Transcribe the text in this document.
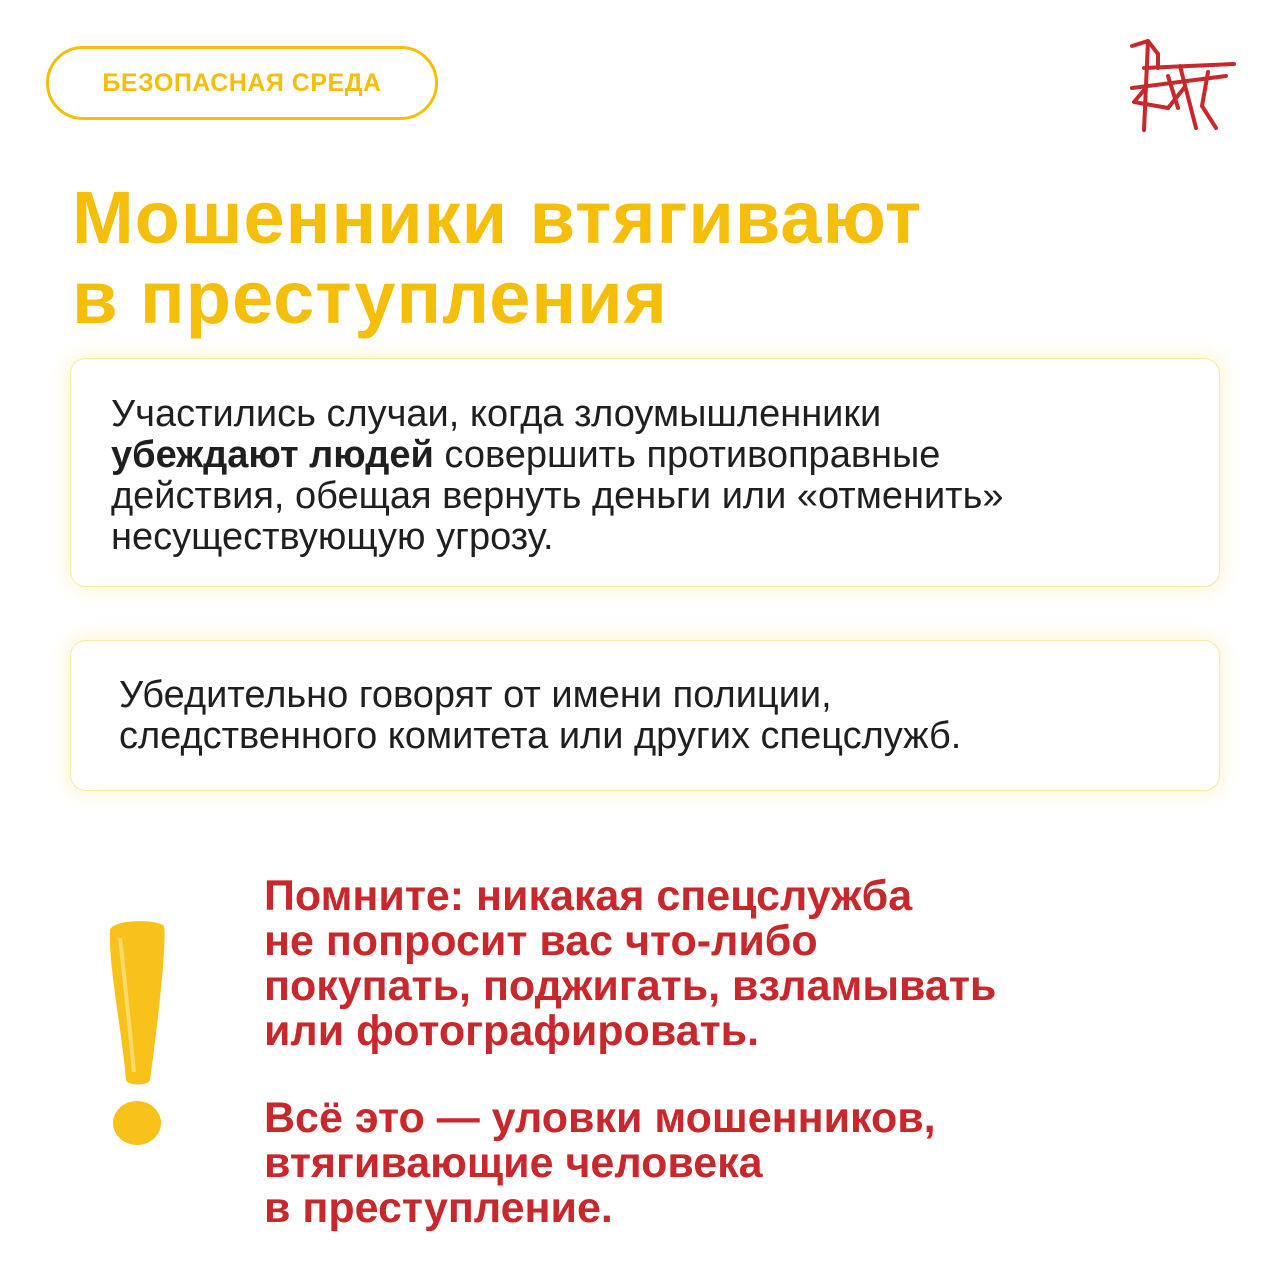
БЕЗОПАСНАЯ СРЕДА
Мошенники втягивают
в преступления
Участились случаи, когда злоумышленники
убеждают людей совершить противоправные
действия, обещая вернуть деньги или «отменить»
несуществующую угрозу.
Убедительно говорят от имени полиции,
следственного комитета или других спецслужб.
Помните: никакая спецслужба
не попросит вас что-либо
покупать, поджигать, взламывать
или фотографировать.
Всё это — уловки мошенников,
втягивающие человека
в преступление.
